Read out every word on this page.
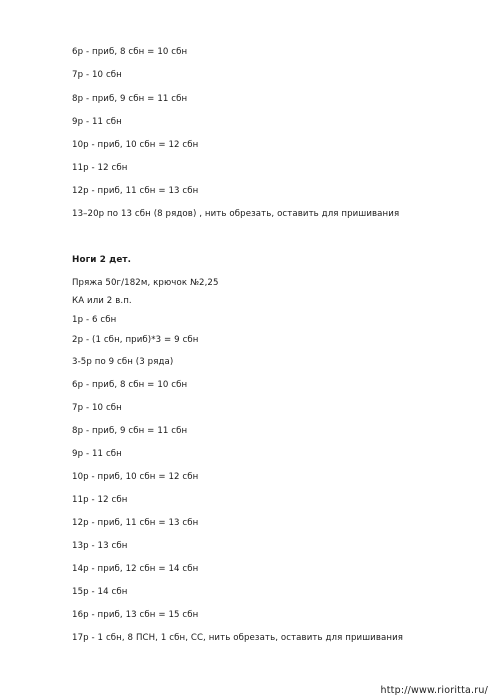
6р - приб, 8 сбн = 10 сбн
7р - 10 сбн
8р - приб, 9 сбн = 11 сбн
9р - 11 сбн
10р - приб, 10 сбн = 12 сбн
11р - 12 сбн
12р - приб, 11 сбн = 13 сбн
13–20р по 13 сбн (8 рядов) , нить обрезать, оставить для пришивания
Ноги 2 дет.
Пряжа 50г/182м, крючок №2,25
КА или 2 в.п.
1р - 6 сбн
2р - (1 сбн, приб)*3 = 9 сбн
3-5р по 9 сбн (3 ряда)
6р - приб, 8 сбн = 10 сбн
7р - 10 сбн
8р - приб, 9 сбн = 11 сбн
9р - 11 сбн
10р - приб, 10 сбн = 12 сбн
11р - 12 сбн
12р - приб, 11 сбн = 13 сбн
13р - 13 сбн
14р - приб, 12 сбн = 14 сбн
15р - 14 сбн
16р - приб, 13 сбн = 15 сбн
17р - 1 сбн, 8 ПСН, 1 сбн, СС, нить обрезать, оставить для пришивания
http://www.rioritta.ru/
